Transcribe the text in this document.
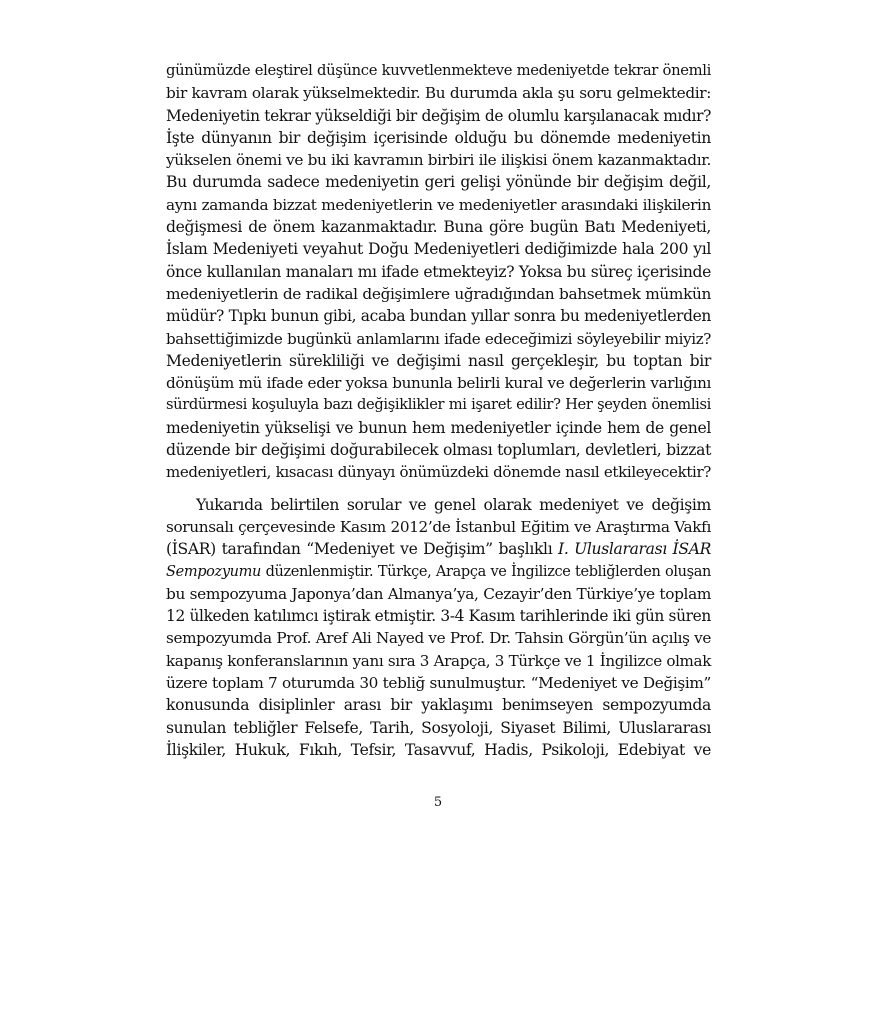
günümüzde eleştirel düşünce kuvvetlenmekteve medeniyetde tekrar önemli
bir kavram olarak yükselmektedir. Bu durumda akla şu soru gelmektedir:
Medeniyetin tekrar yükseldiği bir değişim de olumlu karşılanacak mıdır?
İşte dünyanın bir değişim içerisinde olduğu bu dönemde medeniyetin
yükselen önemi ve bu iki kavramın birbiri ile ilişkisi önem kazanmaktadır.
Bu durumda sadece medeniyetin geri gelişi yönünde bir değişim değil,
aynı zamanda bizzat medeniyetlerin ve medeniyetler arasındaki ilişkilerin
değişmesi de önem kazanmaktadır. Buna göre bugün Batı Medeniyeti,
İslam Medeniyeti veyahut Doğu Medeniyetleri dediğimizde hala 200 yıl
önce kullanılan manaları mı ifade etmekteyiz? Yoksa bu süreç içerisinde
medeniyetlerin de radikal değişimlere uğradığından bahsetmek mümkün
müdür? Tıpkı bunun gibi, acaba bundan yıllar sonra bu medeniyetlerden
bahsettiğimizde bugünkü anlamlarını ifade edeceğimizi söyleyebilir miyiz?
Medeniyetlerin sürekliliği ve değişimi nasıl gerçekleşir, bu toptan bir
dönüşüm mü ifade eder yoksa bununla belirli kural ve değerlerin varlığını
sürdürmesi koşuluyla bazı değişiklikler mi işaret edilir? Her şeyden önemlisi
medeniyetin yükselişi ve bunun hem medeniyetler içinde hem de genel
düzende bir değişimi doğurabilecek olması toplumları, devletleri, bizzat
medeniyetleri, kısacası dünyayı önümüzdeki dönemde nasıl etkileyecektir?

Yukarıda belirtilen sorular ve genel olarak medeniyet ve değişim
sorunsalı çerçevesinde Kasım 2012’de İstanbul Eğitim ve Araştırma Vakfı
(İSAR) tarafından “Medeniyet ve Değişim” başlıklı I. Uluslararası İSAR
Sempozyumu düzenlenmiştir. Türkçe, Arapça ve İngilizce tebliğlerden oluşan
bu sempozyuma Japonya’dan Almanya’ya, Cezayir’den Türkiye’ye toplam
12 ülkeden katılımcı iştirak etmiştir. 3-4 Kasım tarihlerinde iki gün süren
sempozyumda Prof. Aref Ali Nayed ve Prof. Dr. Tahsin Görgün’ün açılış ve
kapanış konferanslarının yanı sıra 3 Arapça, 3 Türkçe ve 1 İngilizce olmak
üzere toplam 7 oturumda 30 tebliğ sunulmuştur. “Medeniyet ve Değişim”
konusunda disiplinler arası bir yaklaşımı benimseyen sempozyumda
sunulan tebliğler Felsefe, Tarih, Sosyoloji, Siyaset Bilimi, Uluslararası
İlişkiler, Hukuk, Fıkıh, Tefsir, Tasavvuf, Hadis, Psikoloji, Edebiyat ve

5
